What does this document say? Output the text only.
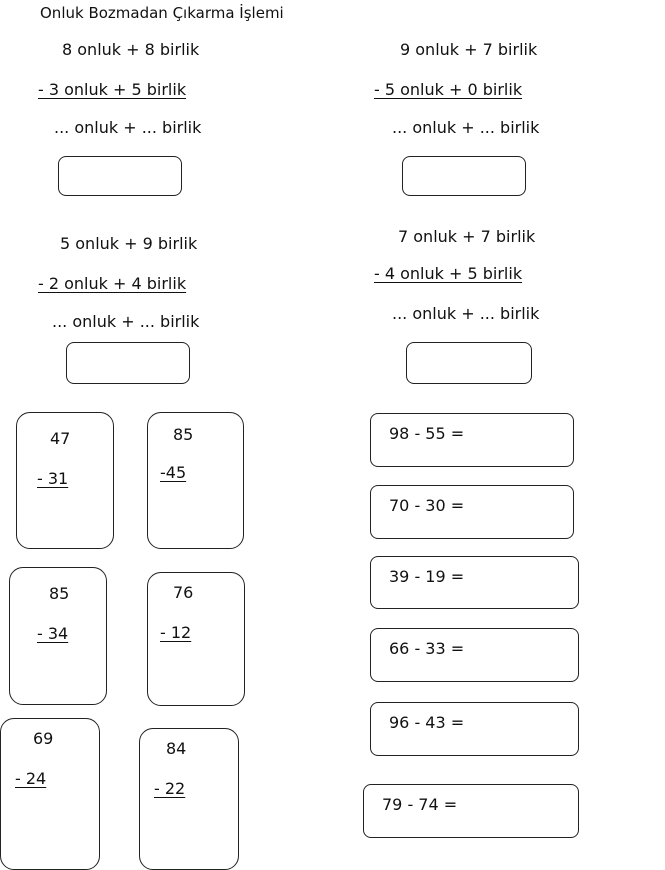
Onluk Bozmadan Çıkarma İşlemi
8 onluk + 8 birlik
- 3 onluk + 5 birlik
... onluk + ... birlik
9 onluk + 7 birlik
- 5 onluk + 0 birlik
... onluk + ... birlik
5 onluk + 9 birlik
- 2 onluk + 4 birlik
... onluk + ... birlik
7 onluk + 7 birlik
- 4 onluk + 5 birlik
... onluk + ... birlik
47
- 31
85
-45
85
- 34
76
- 12
69
- 24
84
- 22
98 - 55 =
70 - 30 =
39 - 19 =
66 - 33 =
96 - 43 =
79 - 74 =
